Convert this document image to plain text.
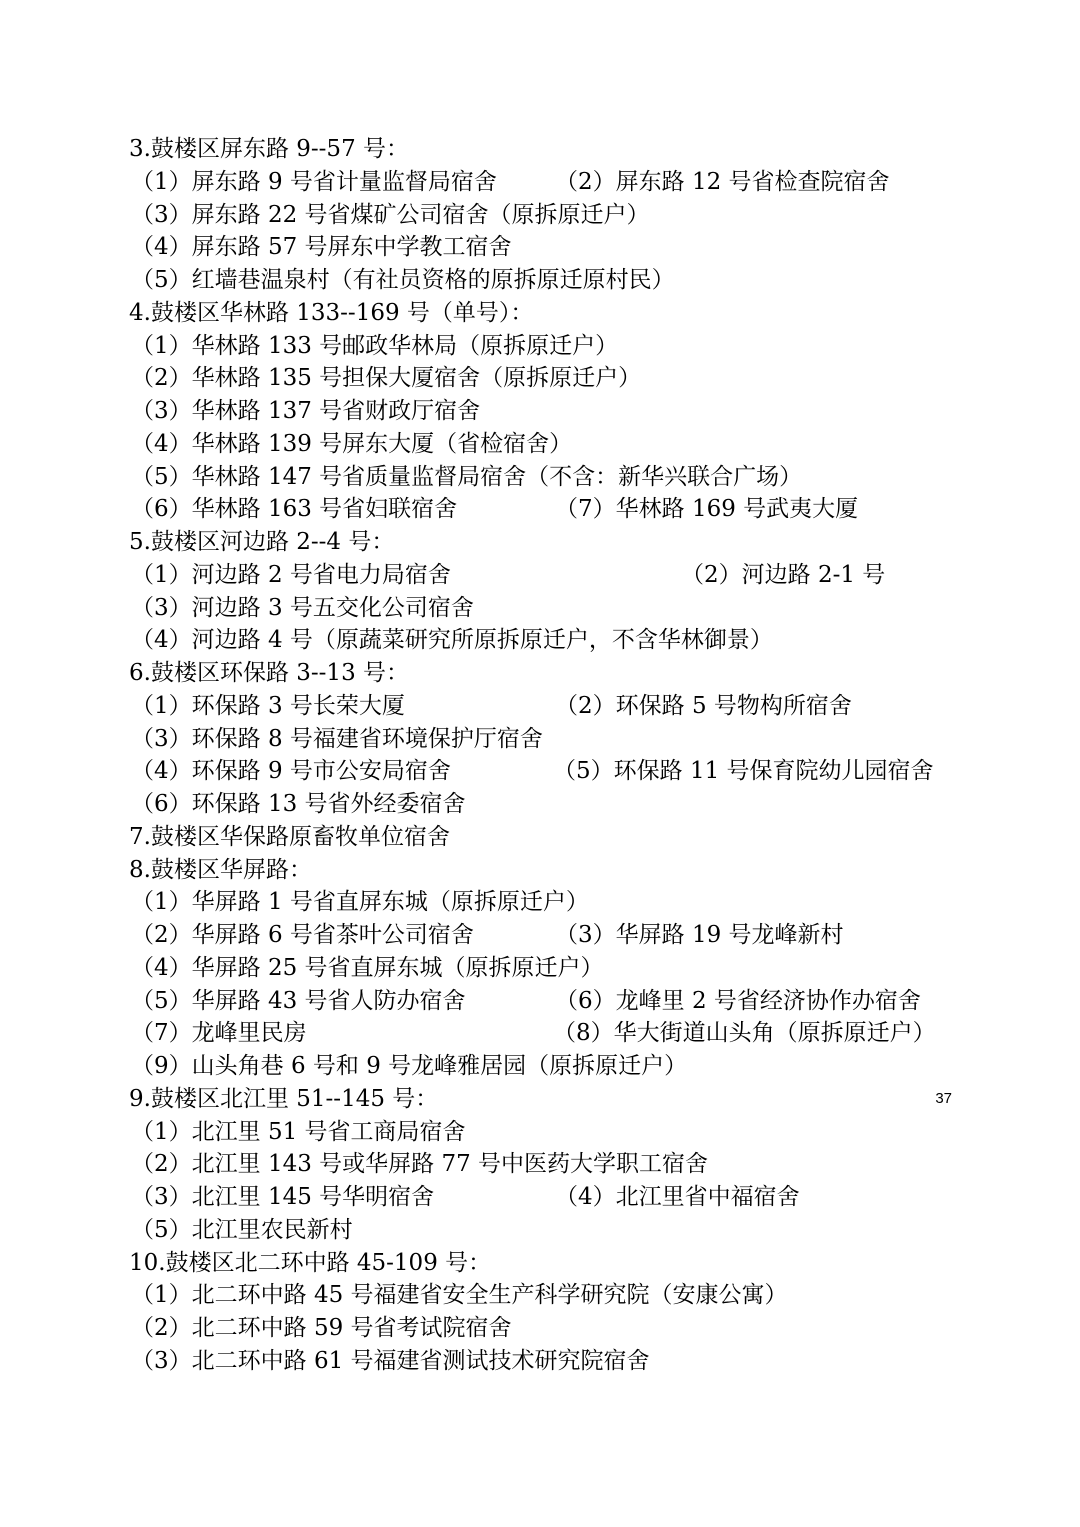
3.鼓楼区屏东路 9--57 号：
（1）屏东路 9 号省计量监督局宿舍	（2）屏东路 12 号省检查院宿舍
（3）屏东路 22 号省煤矿公司宿舍（原拆原迁户）
（4）屏东路 57 号屏东中学教工宿舍
（5）红墙巷温泉村（有社员资格的原拆原迁原村民）
4.鼓楼区华林路 133--169 号（单号）：
（1）华林路 133 号邮政华林局（原拆原迁户）
（2）华林路 135 号担保大厦宿舍（原拆原迁户）
（3）华林路 137 号省财政厅宿舍
（4）华林路 139 号屏东大厦（省检宿舍）
（5）华林路 147 号省质量监督局宿舍（不含：新华兴联合广场）
（6）华林路 163 号省妇联宿舍	（7）华林路 169 号武夷大厦
5.鼓楼区河边路 2--4 号：
（1）河边路 2 号省电力局宿舍	（2）河边路 2-1 号
（3）河边路 3 号五交化公司宿舍
（4）河边路 4 号（原蔬菜研究所原拆原迁户，不含华林御景）
6.鼓楼区环保路 3--13 号：
（1）环保路 3 号长荣大厦	（2）环保路 5 号物构所宿舍
（3）环保路 8 号福建省环境保护厅宿舍
（4）环保路 9 号市公安局宿舍	（5）环保路 11 号保育院幼儿园宿舍
（6）环保路 13 号省外经委宿舍
7.鼓楼区华保路原畜牧单位宿舍
8.鼓楼区华屏路：
（1）华屏路 1 号省直屏东城（原拆原迁户）
（2）华屏路 6 号省茶叶公司宿舍	（3）华屏路 19 号龙峰新村
（4）华屏路 25 号省直屏东城（原拆原迁户）
（5）华屏路 43 号省人防办宿舍	（6）龙峰里 2 号省经济协作办宿舍
（7）龙峰里民房	（8）华大街道山头角（原拆原迁户）
（9）山头角巷 6 号和 9 号龙峰雅居园（原拆原迁户）
9.鼓楼区北江里 51--145 号：
（1）北江里 51 号省工商局宿舍
（2）北江里 143 号或华屏路 77 号中医药大学职工宿舍
（3）北江里 145 号华明宿舍	（4）北江里省中福宿舍
（5）北江里农民新村
10.鼓楼区北二环中路 45-109 号：
（1）北二环中路 45 号福建省安全生产科学研究院（安康公寓）
（2）北二环中路 59 号省考试院宿舍
（3）北二环中路 61 号福建省测试技术研究院宿舍
37
